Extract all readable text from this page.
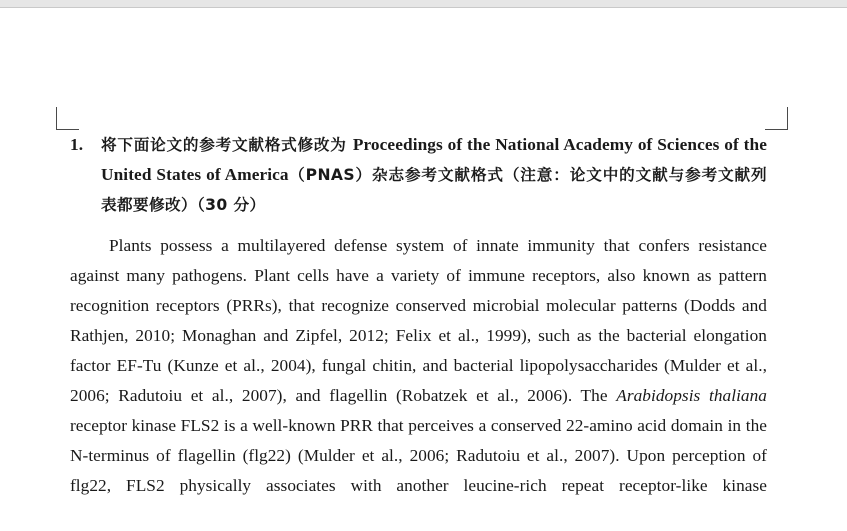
1. 将下面论文的参考文献格式修改为 Proceedings of the National Academy of Sciences of the United States of America（PNAS）杂志参考文献格式（注意：论文中的文献与参考文献列表都要修改）（30 分）

Plants possess a multilayered defense system of innate immunity that confers resistance against many pathogens. Plant cells have a variety of immune receptors, also known as pattern recognition receptors (PRRs), that recognize conserved microbial molecular patterns (Dodds and Rathjen, 2010; Monaghan and Zipfel, 2012; Felix et al., 1999), such as the bacterial elongation factor EF-Tu (Kunze et al., 2004), fungal chitin, and bacterial lipopolysaccharides (Mulder et al., 2006; Radutoiu et al., 2007), and flagellin (Robatzek et al., 2006). The Arabidopsis thaliana receptor kinase FLS2 is a well-known PRR that perceives a conserved 22-amino acid domain in the N-terminus of flagellin (flg22) (Mulder et al., 2006; Radutoiu et al., 2007). Upon perception of flg22, FLS2 physically associates with another leucine-rich repeat receptor-like kinase
